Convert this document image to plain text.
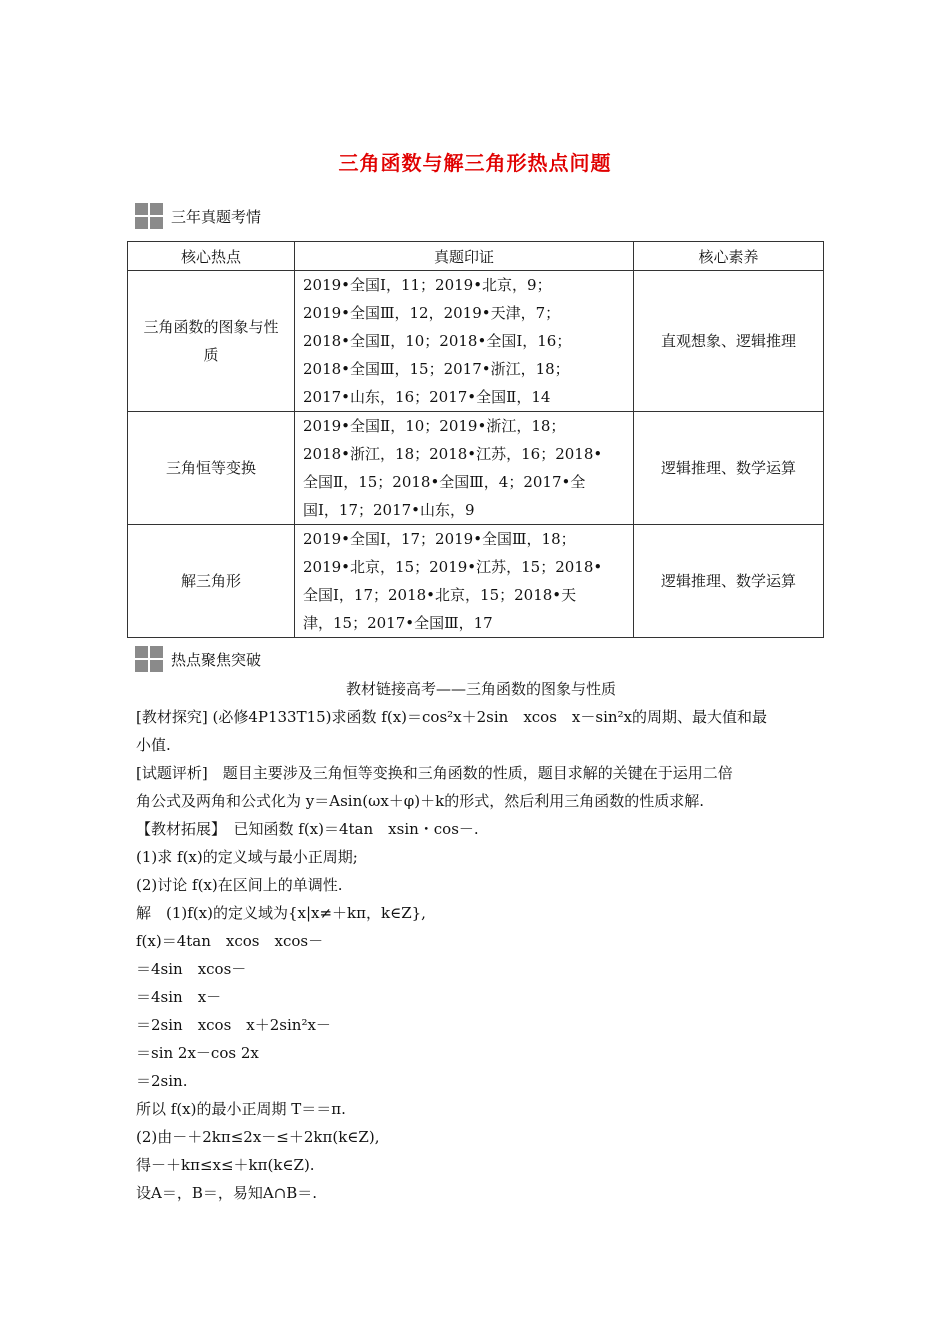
三角函数与解三角形热点问题
三年真题考情
核心热点	真题印证	核心素养
三角函数的图象与性质	2019•全国Ⅰ，11；2019•北京，9；
2019•全国Ⅲ，12，2019•天津，7；
2018•全国Ⅱ，10；2018•全国Ⅰ，16；
2018•全国Ⅲ，15；2017•浙江，18；
2017•山东，16；2017•全国Ⅱ，14	直观想象、逻辑推理
三角恒等变换	2019•全国Ⅱ，10；2019•浙江，18；
2018•浙江，18；2018•江苏，16；2018•
全国Ⅱ，15；2018•全国Ⅲ，4；2017•全
国Ⅰ，17；2017•山东，9	逻辑推理、数学运算
解三角形	2019•全国Ⅰ，17；2019•全国Ⅲ，18；
2019•北京，15；2019•江苏，15；2018•
全国Ⅰ，17；2018•北京，15；2018•天
津，15；2017•全国Ⅲ，17	逻辑推理、数学运算
热点聚焦突破

教材链接高考——三角函数的图象与性质

[教材探究] (必修4P133T15)求函数 f(x)＝cos²x＋2sin　xcos　x－sin²x的周期、最大值和最

小值.

[试题评析]　题目主要涉及三角恒等变换和三角函数的性质，题目求解的关键在于运用二倍

角公式及两角和公式化为 y＝Asin(ωx＋φ)＋k的形式，然后利用三角函数的性质求解.

【教材拓展】　已知函数 f(x)＝4tan　xsin・cos－.

(1)求 f(x)的定义域与最小正周期;

(2)讨论 f(x)在区间上的单调性.

解　(1)f(x)的定义域为{x|x≠＋kπ，k∈Z},

f(x)＝4tan　xcos　xcos－

＝4sin　xcos－

＝4sin　x－

＝2sin　xcos　x＋2sin²x－

＝sin 2x－cos 2x

＝2sin.

所以 f(x)的最小正周期 T＝＝π.

(2)由－＋2kπ≤2x－≤＋2kπ(k∈Z),

得－＋kπ≤x≤＋kπ(k∈Z).

设A＝，B＝，易知A∩B＝.
